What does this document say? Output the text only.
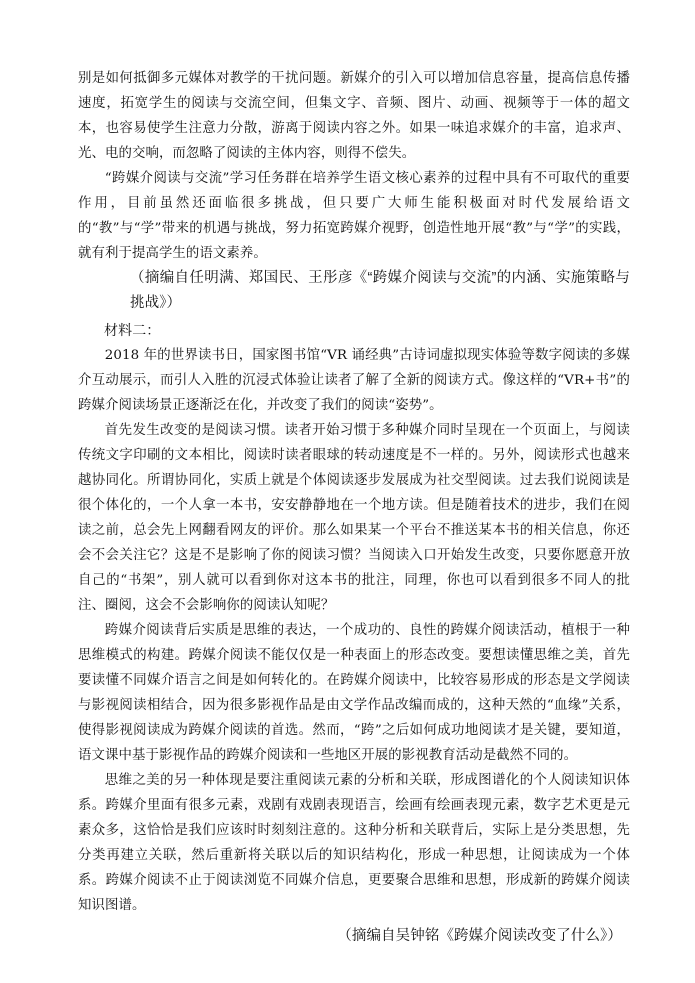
别是如何抵御多元媒体对教学的干扰问题。新媒介的引入可以增加信息容量，提高信息传播速度，拓宽学生的阅读与交流空间，但集文字、音频、图片、动画、视频等于一体的超文本，也容易使学生注意力分散，游离于阅读内容之外。如果一味追求媒介的丰富，追求声、光、电的交响，而忽略了阅读的主体内容，则得不偿失。

“跨媒介阅读与交流”学习任务群在培养学生语文核心素养的过程中具有不可取代的重要作用，目前虽然还面临很多挑战，但只要广大师生能积极面对时代发展给语文的“教”与“学”带来的机遇与挑战，努力拓宽跨媒介视野，创造性地开展“教”与“学”的实践，就有利于提高学生的语文素养。

（摘编自任明满、郑国民、王彤彦《“跨媒介阅读与交流”的内涵、实施策略与挑战》）

材料二：

2018 年的世界读书日，国家图书馆“VR 诵经典”古诗词虚拟现实体验等数字阅读的多媒介互动展示，而引人入胜的沉浸式体验让读者了解了全新的阅读方式。像这样的“VR+书”的跨媒介阅读场景正逐渐泛在化，并改变了我们的阅读“姿势”。

首先发生改变的是阅读习惯。读者开始习惯于多种媒介同时呈现在一个页面上，与阅读传统文字印刷的文本相比，阅读时读者眼球的转动速度是不一样的。另外，阅读形式也越来越协同化。所谓协同化，实质上就是个体阅读逐步发展成为社交型阅读。过去我们说阅读是很个体化的，一个人拿一本书，安安静静地在一个地方读。但是随着技术的进步，我们在阅读之前，总会先上网翻看网友的评价。那么如果某一个平台不推送某本书的相关信息，你还会不会关注它？这是不是影响了你的阅读习惯？当阅读入口开始发生改变，只要你愿意开放自己的“书架”，别人就可以看到你对这本书的批注，同理，你也可以看到很多不同人的批注、圈阅，这会不会影响你的阅读认知呢？

跨媒介阅读背后实质是思维的表达，一个成功的、良性的跨媒介阅读活动，植根于一种思维模式的构建。跨媒介阅读不能仅仅是一种表面上的形态改变。要想读懂思维之美，首先要读懂不同媒介语言之间是如何转化的。在跨媒介阅读中，比较容易形成的形态是文学阅读与影视阅读相结合，因为很多影视作品是由文学作品改编而成的，这种天然的“血缘”关系，使得影视阅读成为跨媒介阅读的首选。然而，“跨”之后如何成功地阅读才是关键，要知道，语文课中基于影视作品的跨媒介阅读和一些地区开展的影视教育活动是截然不同的。

思维之美的另一种体现是要注重阅读元素的分析和关联，形成图谱化的个人阅读知识体系。跨媒介里面有很多元素，戏剧有戏剧表现语言，绘画有绘画表现元素，数字艺术更是元素众多，这恰恰是我们应该时时刻刻注意的。这种分析和关联背后，实际上是分类思想，先分类再建立关联，然后重新将关联以后的知识结构化，形成一种思想，让阅读成为一个体系。跨媒介阅读不止于阅读浏览不同媒介信息，更要聚合思维和思想，形成新的跨媒介阅读知识图谱。

（摘编自吴钟铭《跨媒介阅读改变了什么》）
